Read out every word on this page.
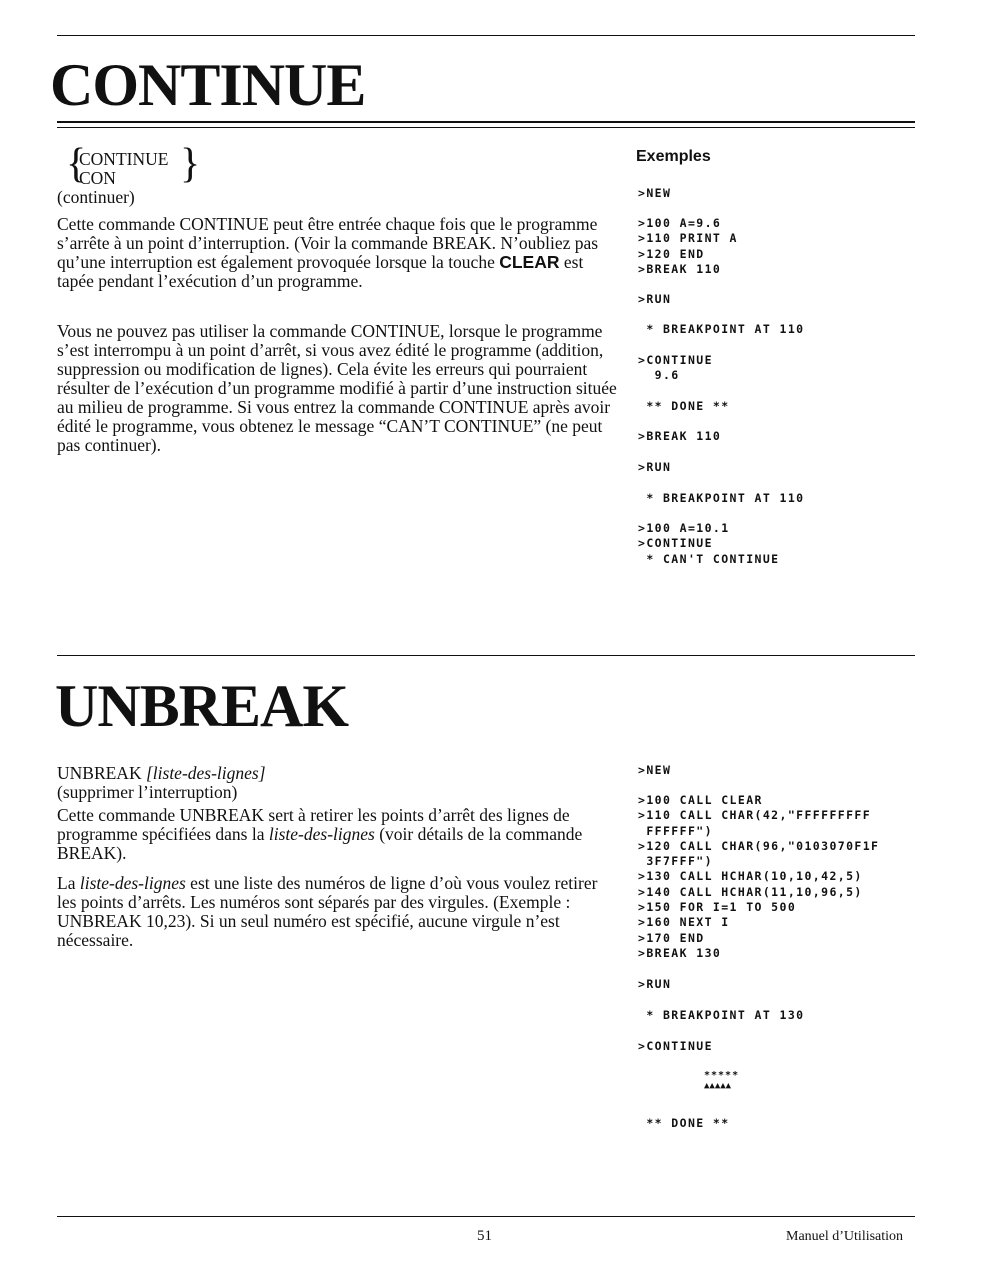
CONTINUE
{
CONTINUE
CON }
(continuer)

Cette commande CONTINUE peut être entrée chaque fois que le programme s’arrête à un point d’interruption. (Voir la commande BREAK. N’oubliez pas qu’une interruption est également provoquée lorsque la touche CLEAR est tapée pendant l’exécution d’un programme.

Vous ne pouvez pas utiliser la commande CONTINUE, lorsque le programme s’est interrompu à un point d’arrêt, si vous avez édité le programme (addition, suppression ou modification de lignes). Cela évite les erreurs qui pourraient résulter de l’exécution d’un programme modifié à partir d’une instruction située au milieu de programme. Si vous entrez la commande CONTINUE après avoir édité le programme, vous obtenez le message “CAN’T CONTINUE” (ne peut pas continuer).

Exemples
>NEW
>100 A=9.6
>110 PRINT A
>120 END
>BREAK 110
>RUN
* BREAKPOINT AT 110
>CONTINUE
9.6
** DONE **
>BREAK 110
>RUN
* BREAKPOINT AT 110
>100 A=10.1
>CONTINUE
* CAN'T CONTINUE
UNBREAK
UNBREAK [liste-des-lignes]
(supprimer l’interruption)

Cette commande UNBREAK sert à retirer les points d’arrêt des lignes de programme spécifiées dans la liste-des-lignes (voir détails de la commande BREAK).

La liste-des-lignes est une liste des numéros de ligne d’où vous voulez retirer les points d’arrêts. Les numéros sont séparés par des virgules. (Exemple : UNBREAK 10,23). Si un seul numéro est spécifié, aucune virgule n’est nécessaire.

>NEW
>100 CALL CLEAR
>110 CALL CHAR(42,"FFFFFFFFF
FFFFFF")
>120 CALL CHAR(96,"0103070F1F
3F7FFF")
>130 CALL HCHAR(10,10,42,5)
>140 CALL HCHAR(11,10,96,5)
>150 FOR I=1 TO 500
>160 NEXT I
>170 END
>BREAK 130
>RUN
* BREAKPOINT AT 130
>CONTINUE
*****
▲▲▲▲▲
** DONE **
51	Manuel d’Utilisation
